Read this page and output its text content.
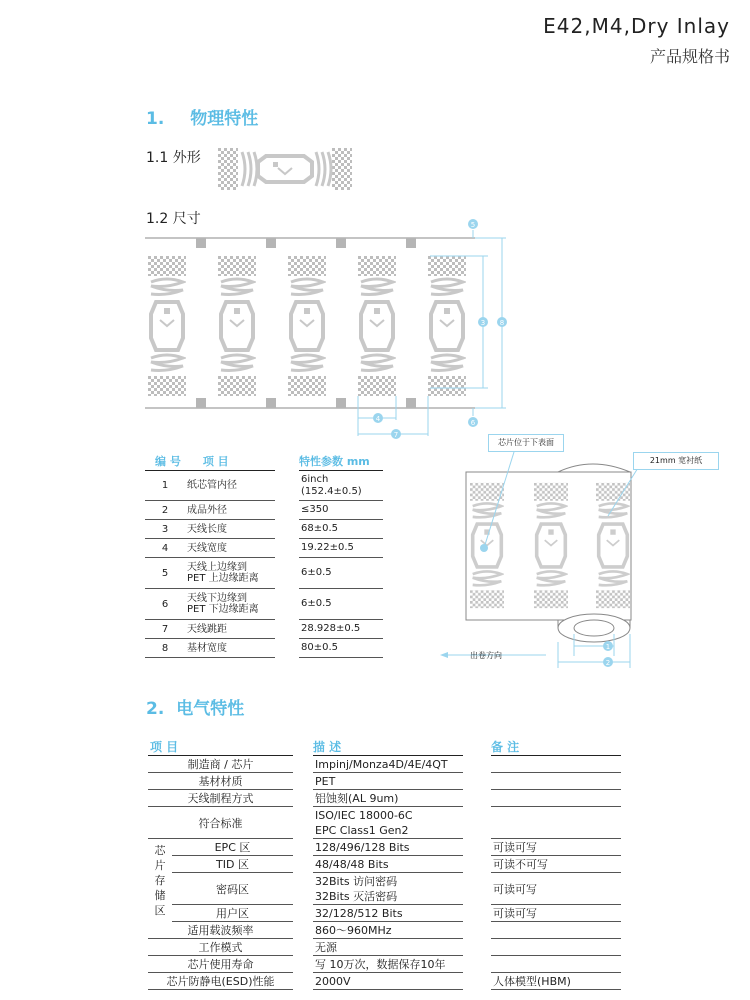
E42,M4,Dry Inlay
产品规格书
1. 物理特性
1.1 外形
1.2 尺寸	5
6
3 8
4
7
编 号 项 目			特性参数 mm
1	纸芯管内径		6inch
(152.4±0.5)
2	成品外径		≤350
3	天线长度		68±0.5
4	天线宽度		19.22±0.5
5	天线上边缘到
PET 上边缘距离		6±0.5
6	天线下边缘到
PET 下边缘距离		6±0.5
7	天线跳距		28.928±0.5
8	基材宽度		80±0.5	1
2
芯片位于下表面
21mm 宽衬纸
出卷方向
2. 电气特性
项 目			描 述		备 注
制造商 / 芯片			Impinj/Monza4D/4E/4QT		
基材材质			PET		
天线制程方式			铝蚀刻(AL 9um)		
符合标准			ISO/IEC 18000-6C
EPC Class1 Gen2		
芯
片
存
储
区	EPC 区		128/496/128 Bits		可读可写
	TID 区		48/48/48 Bits		可读不可写
	密码区		32Bits 访问密码
32Bits 灭活密码		可读可写
	用户区		32/128/512 Bits		可读可写
适用载波频率			860～960MHz		
工作模式			无源		
芯片使用寿命			写 10万次，数据保存10年		
芯片防静电(ESD)性能			2000V		人体模型(HBM)
